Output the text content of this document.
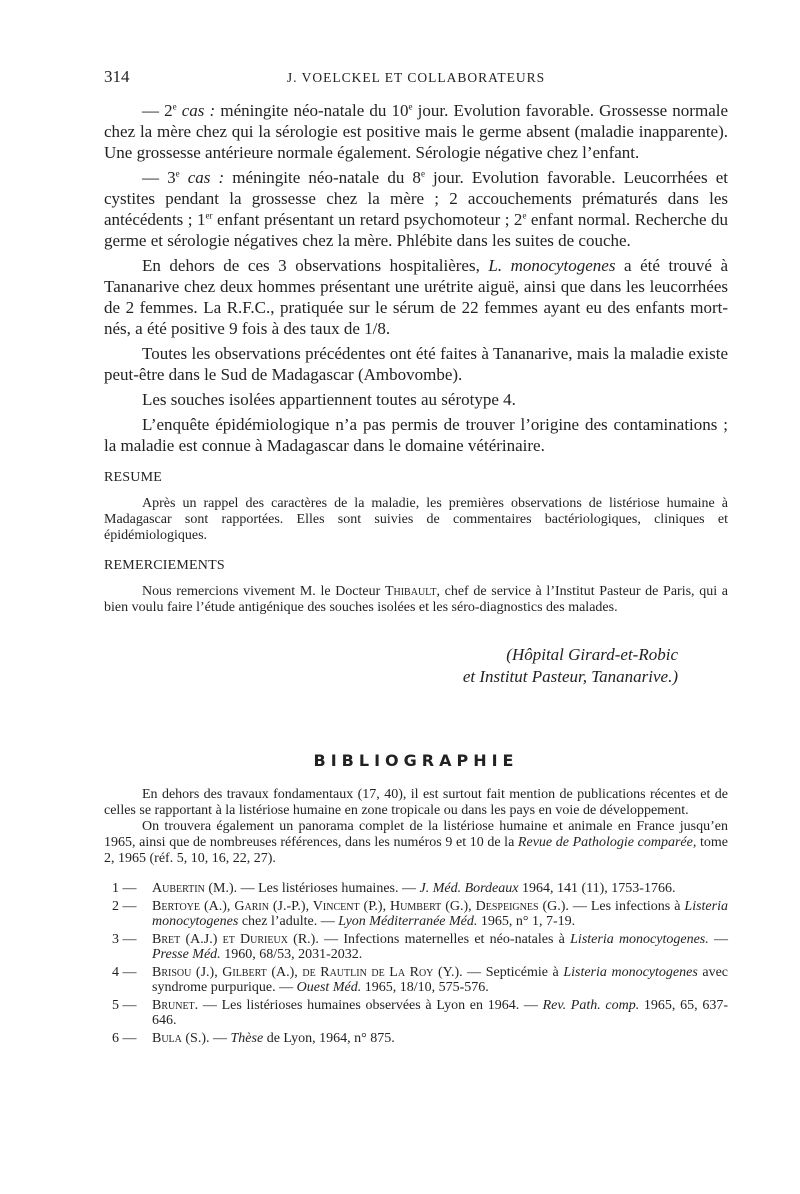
314	J. VOELCKEL ET COLLABORATEURS

— 2e cas : méningite néo-natale du 10e jour. Evolution favorable. Grossesse normale chez la mère chez qui la sérologie est positive mais le germe absent (maladie inapparente). Une grossesse antérieure normale également. Sérologie négative chez l’enfant.

— 3e cas : méningite néo-natale du 8e jour. Evolution favorable. Leucorrhées et cystites pendant la grossesse chez la mère ; 2 accouchements prématurés dans les antécédents ; 1er enfant présentant un retard psychomoteur ; 2e enfant normal. Recherche du germe et sérologie négatives chez la mère. Phlébite dans les suites de couche.

En dehors de ces 3 observations hospitalières, L. monocytogenes a été trouvé à Tananarive chez deux hommes présentant une urétrite aiguë, ainsi que dans les leucorrhées de 2 femmes. La R.F.C., pratiquée sur le sérum de 22 femmes ayant eu des enfants mort-nés, a été positive 9 fois à des taux de 1/8.

Toutes les observations précédentes ont été faites à Tananarive, mais la maladie existe peut-être dans le Sud de Madagascar (Ambovombe).

Les souches isolées appartiennent toutes au sérotype 4.

L’enquête épidémiologique n’a pas permis de trouver l’origine des contaminations ; la maladie est connue à Madagascar dans le domaine vétérinaire.

RESUME
Après un rappel des caractères de la maladie, les premières observations de listériose humaine à Madagascar sont rapportées. Elles sont suivies de commentaires bactériologiques, cliniques et épidémiologiques.
REMERCIEMENTS
Nous remercions vivement M. le Docteur Thibault, chef de service à l’Institut Pasteur de Paris, qui a bien voulu faire l’étude antigénique des souches isolées et les séro-diagnostics des malades.
(Hôpital Girard-et-Robic
et Institut Pasteur, Tananarive.)
BIBLIOGRAPHIE

En dehors des travaux fondamentaux (17, 40), il est surtout fait mention de publications récentes et de celles se rapportant à la listériose humaine en zone tropicale ou dans les pays en voie de développement.

On trouvera également un panorama complet de la listériose humaine et animale en France jusqu’en 1965, ainsi que de nombreuses références, dans les numéros 9 et 10 de la Revue de Pathologie comparée, tome 2, 1965 (réf. 5, 10, 16, 22, 27).

1 — Aubertin (M.). — Les listérioses humaines. — J. Méd. Bordeaux 1964, 141 (11), 1753-1766.
2 — Bertoye (A.), Garin (J.-P.), Vincent (P.), Humbert (G.), Despeignes (G.). — Les infections à Listeria monocytogenes chez l’adulte. — Lyon Méditerranée Méd. 1965, n° 1, 7-19.
3 — Bret (A.J.) et Durieux (R.). — Infections maternelles et néo-natales à Listeria monocytogenes. — Presse Méd. 1960, 68/53, 2031-2032.
4 — Brisou (J.), Gilbert (A.), de Rautlin de La Roy (Y.). — Septicémie à Listeria monocytogenes avec syndrome purpurique. — Ouest Méd. 1965, 18/10, 575-576.
5 — Brunet. — Les listérioses humaines observées à Lyon en 1964. — Rev. Path. comp. 1965, 65, 637-646.
6 — Bula (S.). — Thèse de Lyon, 1964, n° 875.
